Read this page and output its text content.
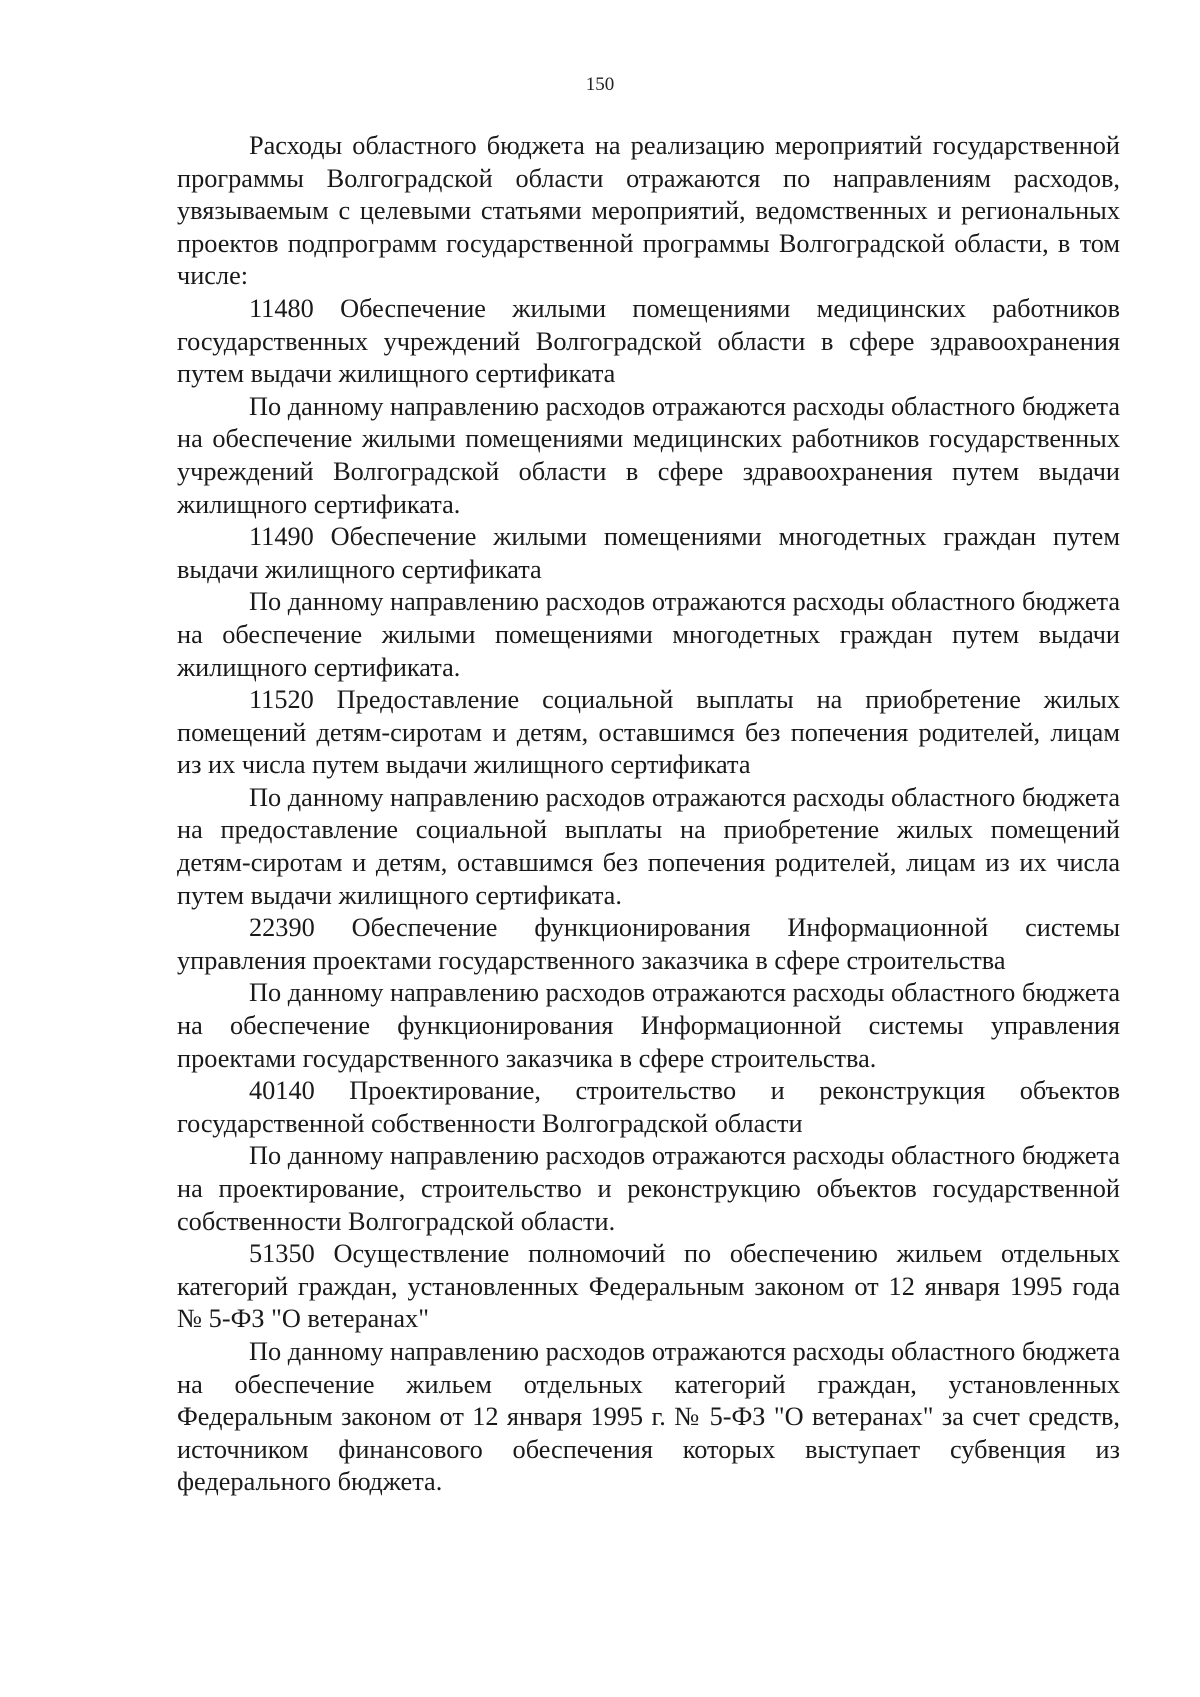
150

Расходы областного бюджета на реализацию мероприятий государственной программы Волгоградской области отражаются по направлениям расходов, увязываемым с целевыми статьями мероприятий, ведомственных и региональных проектов подпрограмм государственной программы Волгоградской области, в том числе:

11480 Обеспечение жилыми помещениями медицинских работников государственных учреждений Волгоградской области в сфере здравоохранения путем выдачи жилищного сертификата

По данному направлению расходов отражаются расходы областного бюджета на обеспечение жилыми помещениями медицинских работников государственных учреждений Волгоградской области в сфере здравоохранения путем выдачи жилищного сертификата.

11490 Обеспечение жилыми помещениями многодетных граждан путем выдачи жилищного сертификата

По данному направлению расходов отражаются расходы областного бюджета на обеспечение жилыми помещениями многодетных граждан путем выдачи жилищного сертификата.

11520 Предоставление социальной выплаты на приобретение жилых помещений детям-сиротам и детям, оставшимся без попечения родителей, лицам из их числа путем выдачи жилищного сертификата

По данному направлению расходов отражаются расходы областного бюджета на предоставление социальной выплаты на приобретение жилых помещений детям-сиротам и детям, оставшимся без попечения родителей, лицам из их числа путем выдачи жилищного сертификата.

22390 Обеспечение функционирования Информационной системы управления проектами государственного заказчика в сфере строительства

По данному направлению расходов отражаются расходы областного бюджета на обеспечение функционирования Информационной системы управления проектами государственного заказчика в сфере строительства.

40140 Проектирование, строительство и реконструкция объектов государственной собственности Волгоградской области

По данному направлению расходов отражаются расходы областного бюджета на проектирование, строительство и реконструкцию объектов государственной собственности Волгоградской области.

51350 Осуществление полномочий по обеспечению жильем отдельных категорий граждан, установленных Федеральным законом от 12 января 1995 года № 5-ФЗ "О ветеранах"

По данному направлению расходов отражаются расходы областного бюджета на обеспечение жильем отдельных категорий граждан, установленных Федеральным законом от 12 января 1995 г. № 5-ФЗ "О ветеранах" за счет средств, источником финансового обеспечения которых выступает субвенция из федерального бюджета.
